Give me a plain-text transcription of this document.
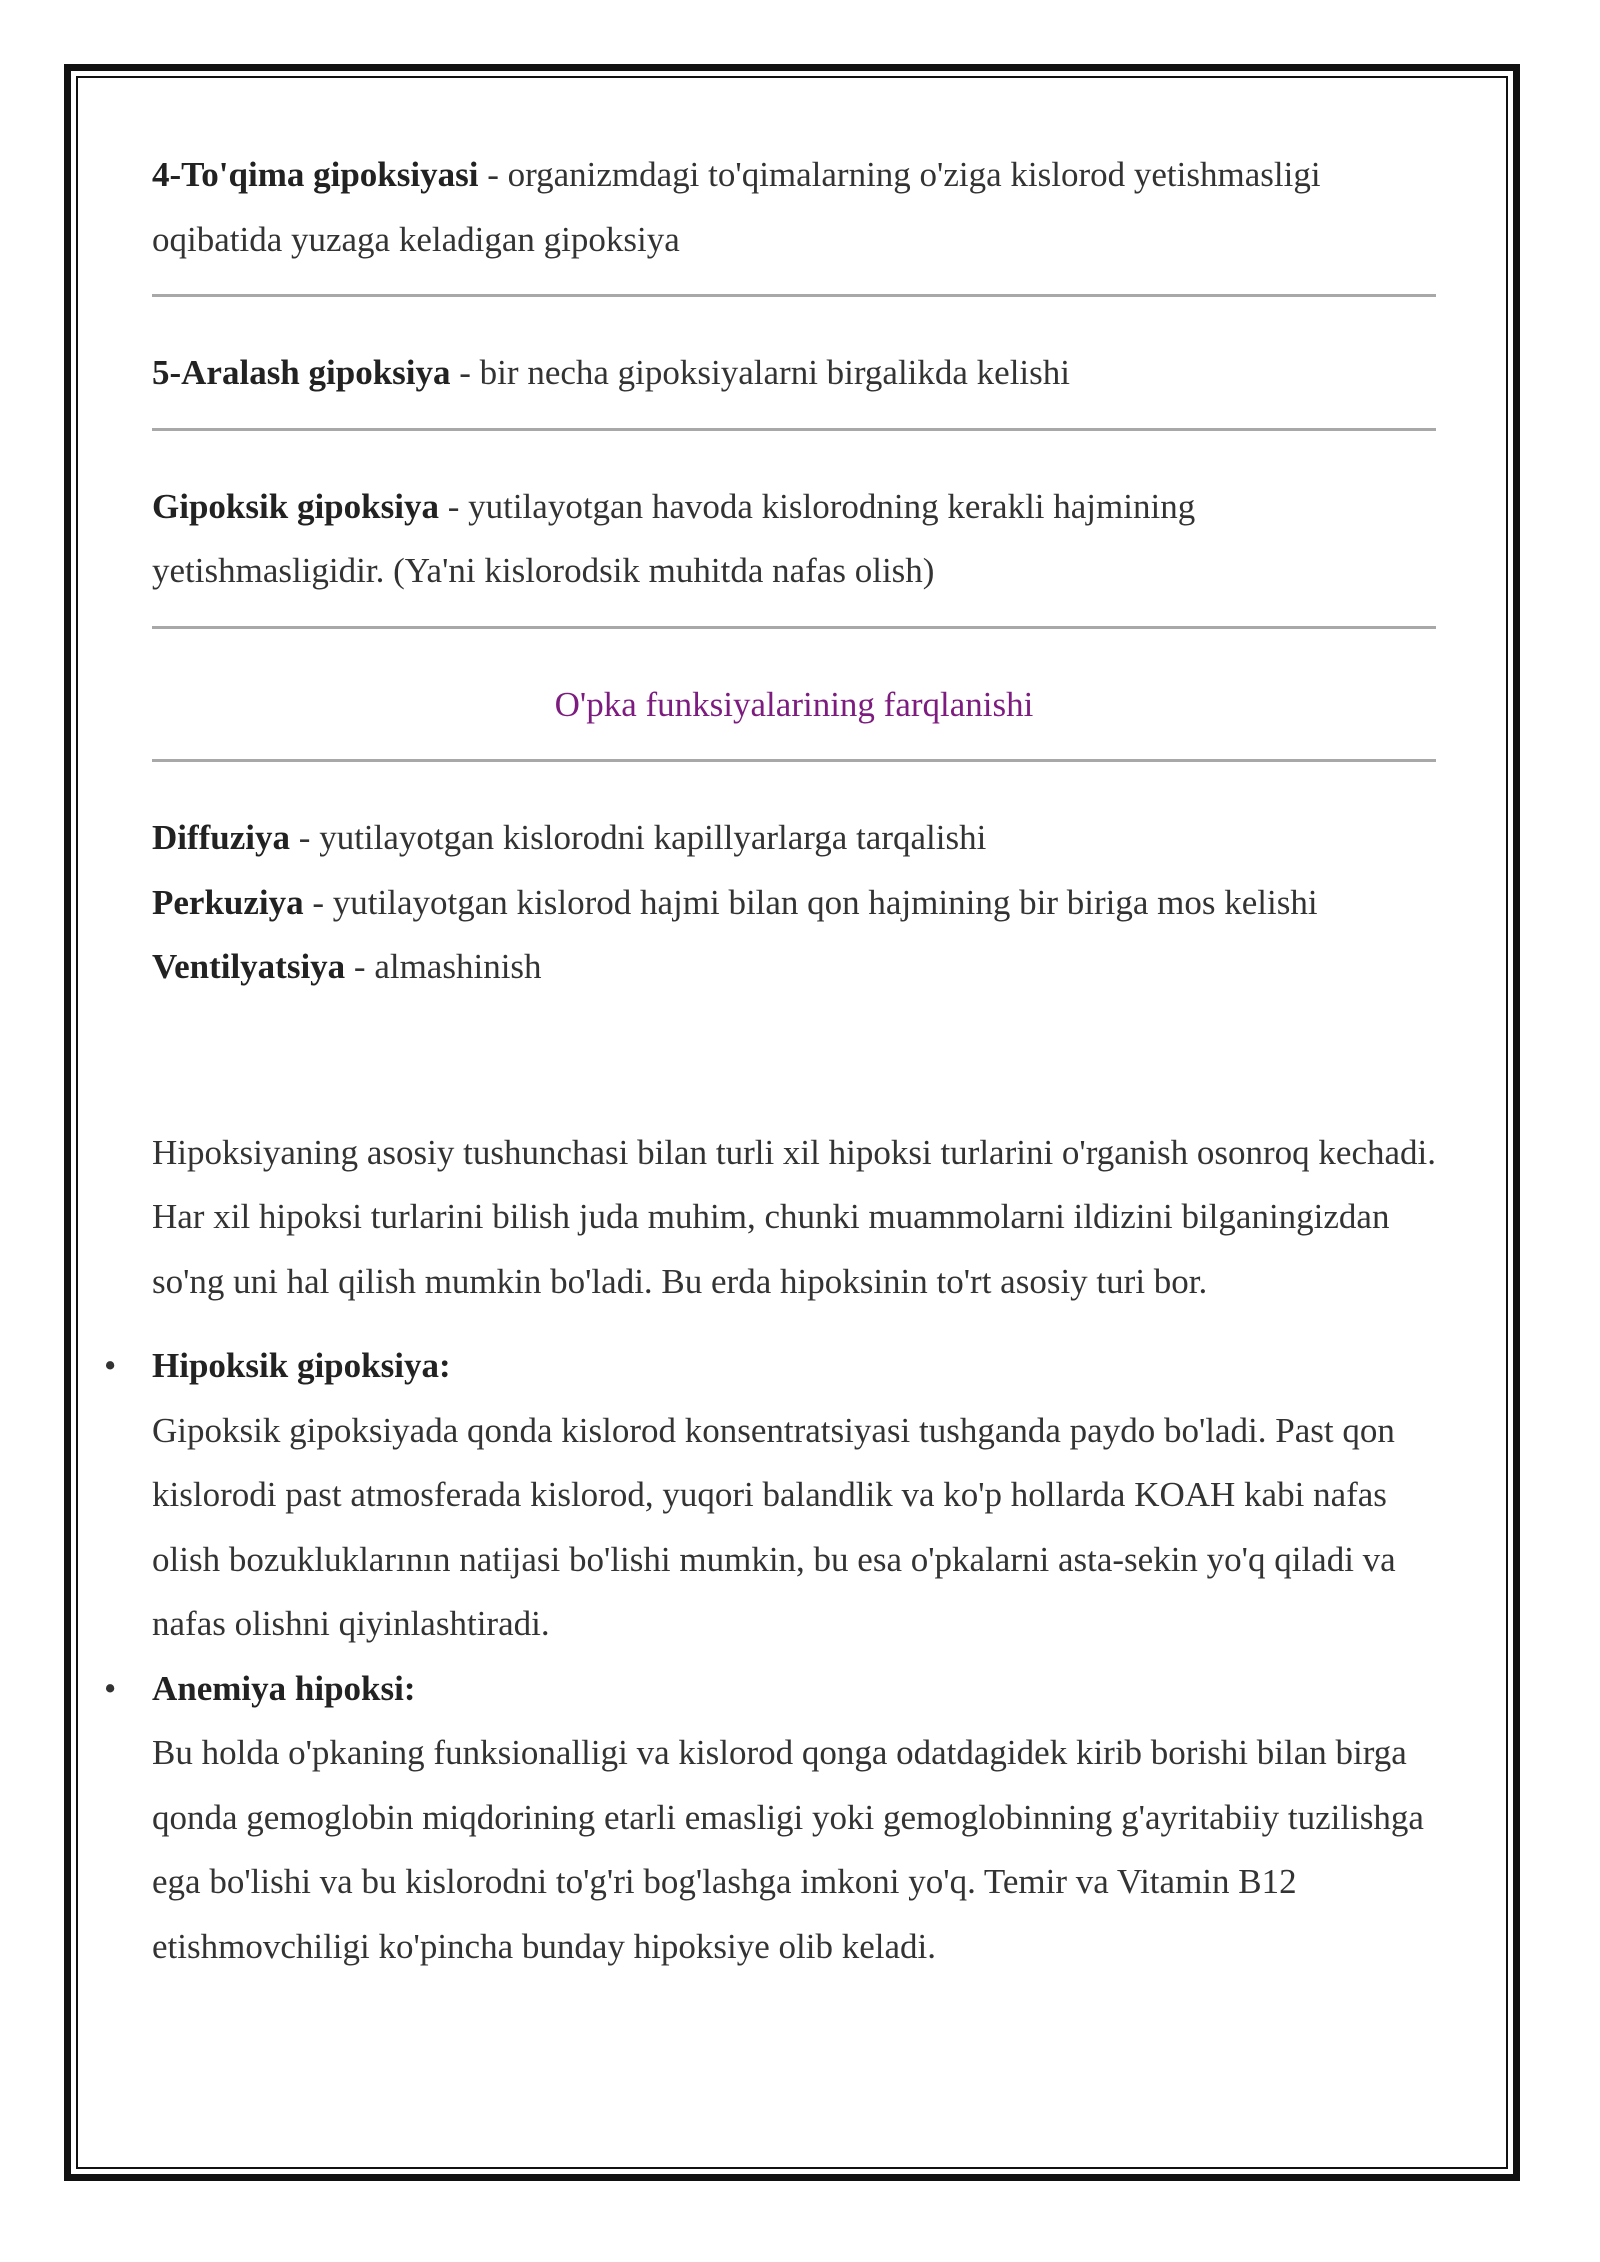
4-To'qima gipoksiyasi - organizmdagi to'qimalarning o'ziga kislorod yetishmasligi oqibatida yuzaga keladigan gipoksiya

5-Aralash gipoksiya - bir necha gipoksiyalarni birgalikda kelishi

Gipoksik gipoksiya - yutilayotgan havoda kislorodning kerakli hajmining yetishmasligidir. (Ya'ni kislorodsik muhitda nafas olish)

O'pka funksiyalarining farqlanishi

Diffuziya - yutilayotgan kislorodni kapillyarlarga tarqalishi

Perkuziya - yutilayotgan kislorod hajmi bilan qon hajmining bir biriga mos kelishi

Ventilyatsiya - almashinish

Hipoksiyaning asosiy tushunchasi bilan turli xil hipoksi turlarini o'rganish osonroq kechadi. Har xil hipoksi turlarini bilish juda muhim, chunki muammolarni ildizini bilganingizdan so'ng uni hal qilish mumkin bo'ladi. Bu erda hipoksinin to'rt asosiy turi bor.

• Hipoksik gipoksiya:
Gipoksik gipoksiyada qonda kislorod konsentratsiyasi tushganda paydo bo'ladi. Past qon kislorodi past atmosferada kislorod, yuqori balandlik va ko'p hollarda KOAH kabi nafas olish bozukluklarının natijasi bo'lishi mumkin, bu esa o'pkalarni asta-sekin yo'q qiladi va nafas olishni qiyinlashtiradi.
• Anemiya hipoksi:
Bu holda o'pkaning funksionalligi va kislorod qonga odatdagidek kirib borishi bilan birga qonda gemoglobin miqdorining etarli emasligi yoki gemoglobinning g'ayritabiiy tuzilishga ega bo'lishi va bu kislorodni to'g'ri bog'lashga imkoni yo'q. Temir va Vitamin B12 etishmovchiligi ko'pincha bunday hipoksiye olib keladi.
